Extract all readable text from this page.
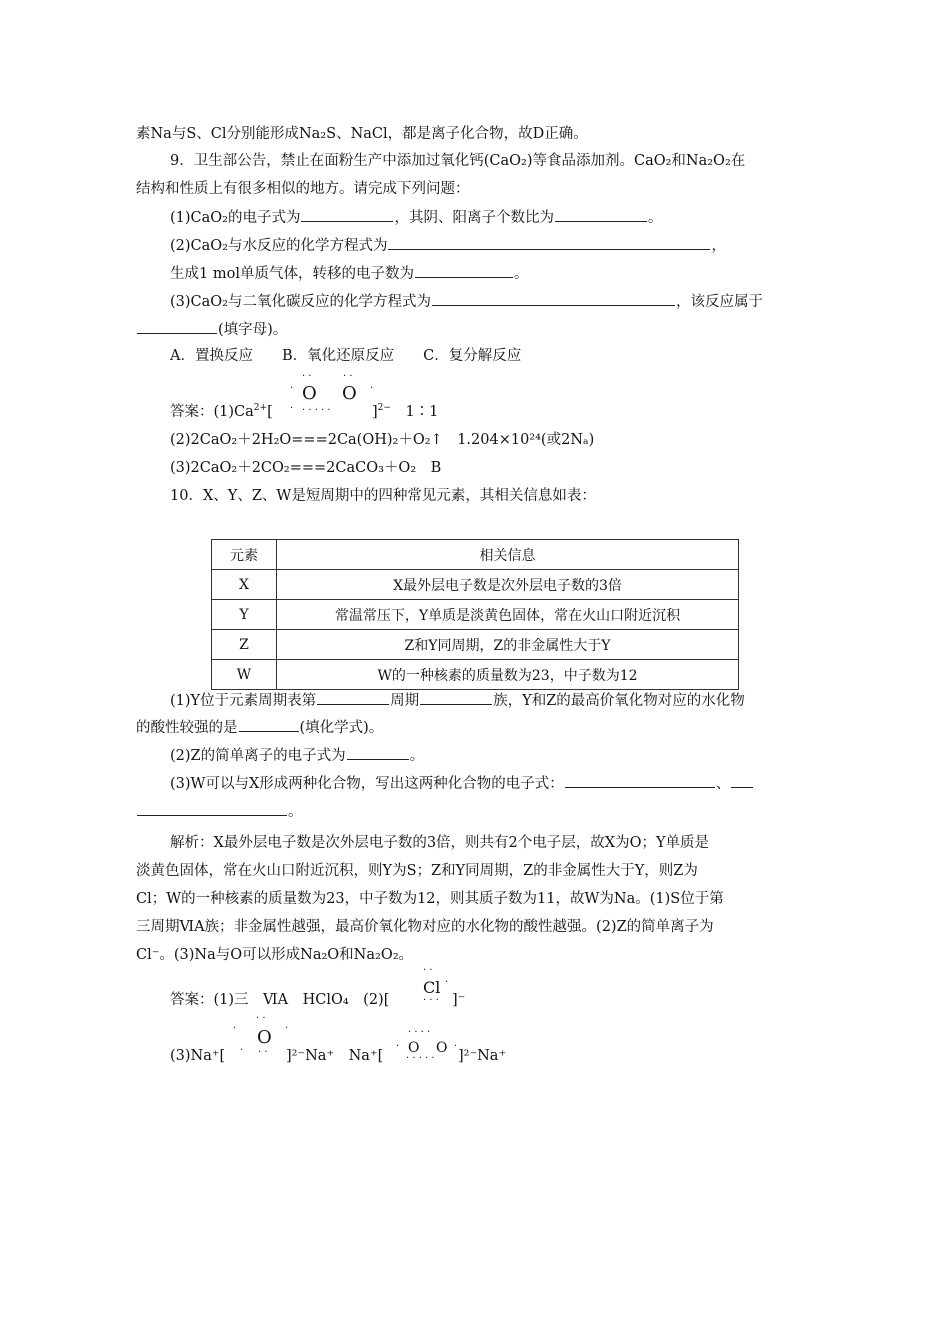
素Na与S、Cl分别能形成Na₂S、NaCl，都是离子化合物，故D正确。
9．卫生部公告，禁止在面粉生产中添加过氧化钙(CaO₂)等食品添加剂。CaO₂和Na₂O₂在
结构和性质上有很多相似的地方。请完成下列问题：
(1)CaO₂的电子式为	，其阴、阳离子个数比为	。
(2)CaO₂与水反应的化学方程式为	，
生成1 mol单质气体，转移的电子数为	。
(3)CaO₂与二氧化碳反应的化学方程式为	，该反应属于
(填字母)。
A．置换反应　　B．氧化还原反应　　C．复分解反应
答案：$(1)Ca^{2+}$[
O O
· ·	· ·
·	·
· · · · · ·	]$^{2-}$　 1∶1
(2)2CaO₂＋2H₂O===2Ca(OH)₂＋O₂↑　1.204×10²⁴(或2Nₐ)
(3)2CaO₂＋2CO₂===2CaCO₃＋O₂　B
10．X、Y、Z、W是短周期中的四种常见元素，其相关信息如表：
元素	相关信息
X	X最外层电子数是次外层电子数的3倍
Y	常温常压下，Y单质是淡黄色固体，常在火山口附近沉积
Z	Z和Y同周期，Z的非金属性大于Y
W	W的一种核素的质量数为23，中子数为12
(1)Y位于元素周期表第	周期	族，Y和Z的最高价氧化物对应的水化物
的酸性较强的是	(填化学式)。
(2)Z的简单离子的电子式为	。
(3)W可以与X形成两种化合物，写出这两种化合物的电子式：	、
。
解析：X最外层电子数是次外层电子数的3倍，则共有2个电子层，故X为O；Y单质是
淡黄色固体，常在火山口附近沉积，则Y为S；Z和Y同周期，Z的非金属性大于Y，则Z为
Cl；W的一种核素的质量数为23，中子数为12，则其质子数为11，故W为Na。(1)S位于第
三周期ⅥA族；非金属性越强，最高价氧化物对应的水化物的酸性越强。(2)Z的简单离子为
Cl⁻。(3)Na与O可以形成Na₂O和Na₂O₂。
答案：(1)三　ⅥA　HClO₄　(2)[
Cl
· ·
·
· · · ]⁻
(3)Na⁺[
O
· ·
·	·
· · · ]²⁻Na⁺　Na⁺[ O O
· · · ·
·	·
· · · · · ]²⁻Na⁺
